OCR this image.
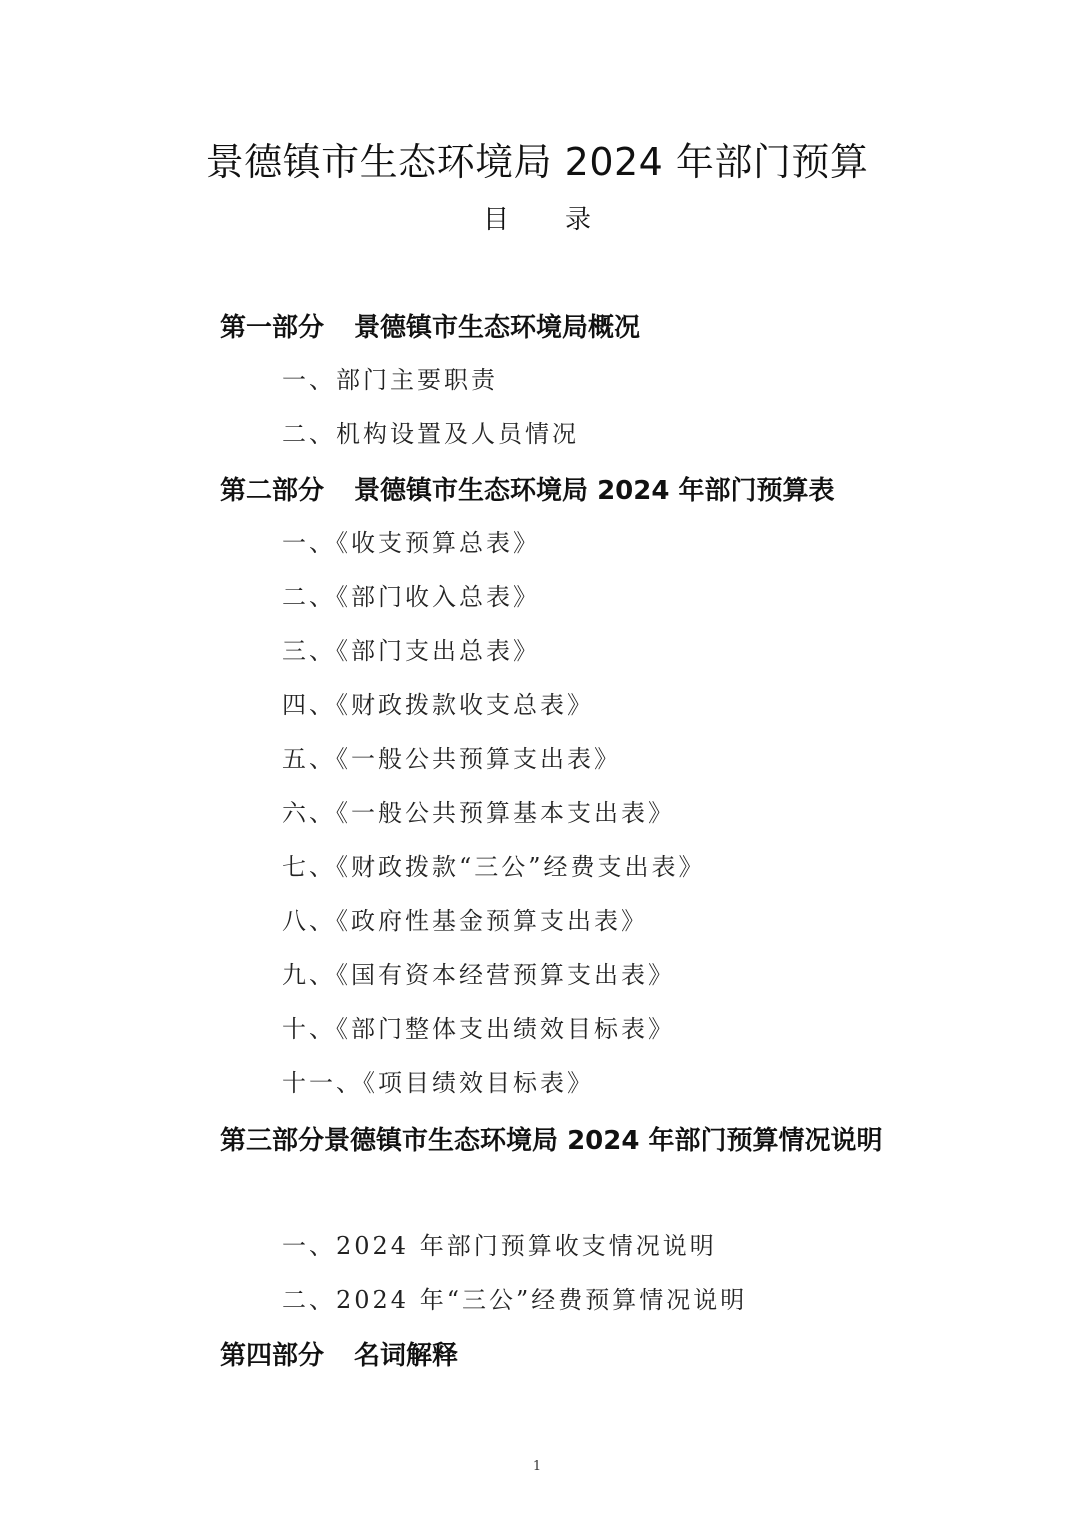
景德镇市生态环境局 2024 年部门预算
目录
第一部分 景德镇市生态环境局概况
一、部门主要职责
二、机构设置及人员情况
第二部分 景德镇市生态环境局 2024 年部门预算表
一、《收支预算总表》
二、《部门收入总表》
三、《部门支出总表》
四、《财政拨款收支总表》
五、《一般公共预算支出表》
六、《一般公共预算基本支出表》
七、《财政拨款“三公”经费支出表》
八、《政府性基金预算支出表》
九、《国有资本经营预算支出表》
十、《部门整体支出绩效目标表》
十一、《项目绩效目标表》
第三部分景德镇市生态环境局 2024 年部门预算情况说明
一、2024 年部门预算收支情况说明
二、2024 年“三公”经费预算情况说明
第四部分 名词解释
1
